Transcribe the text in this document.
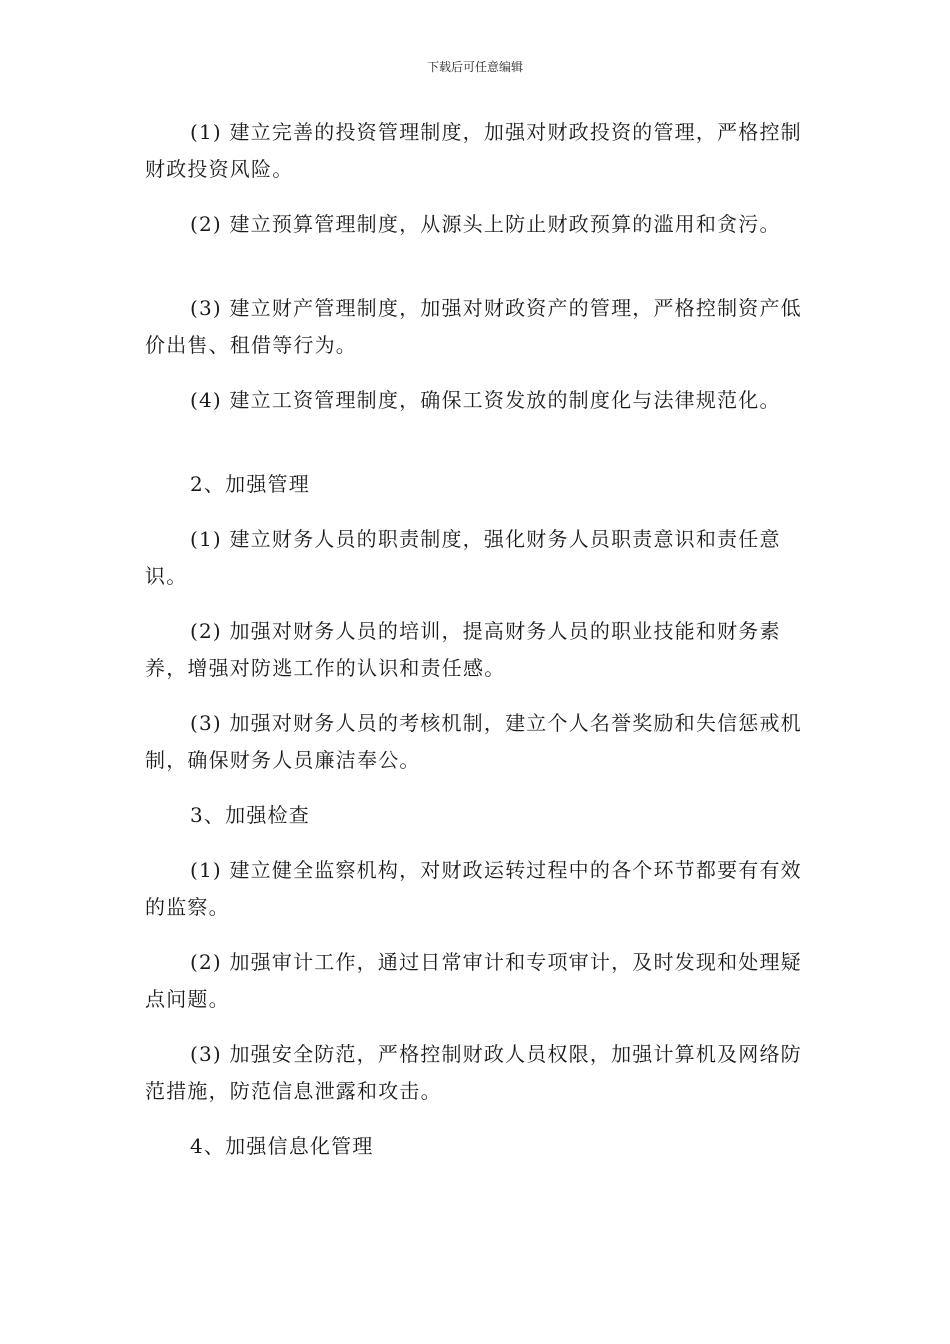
下载后可任意编辑

(1) 建立完善的投资管理制度，加强对财政投资的管理，严格控制财政投资风险。

(2) 建立预算管理制度，从源头上防止财政预算的滥用和贪污。

(3) 建立财产管理制度，加强对财政资产的管理，严格控制资产低价出售、租借等行为。

(4) 建立工资管理制度，确保工资发放的制度化与法律规范化。

2、加强管理

(1) 建立财务人员的职责制度，强化财务人员职责意识和责任意识。

(2) 加强对财务人员的培训，提高财务人员的职业技能和财务素养，增强对防逃工作的认识和责任感。

(3) 加强对财务人员的考核机制，建立个人名誉奖励和失信惩戒机制，确保财务人员廉洁奉公。

3、加强检查

(1) 建立健全监察机构，对财政运转过程中的各个环节都要有有效的监察。

(2) 加强审计工作，通过日常审计和专项审计，及时发现和处理疑点问题。

(3) 加强安全防范，严格控制财政人员权限，加强计算机及网络防范措施，防范信息泄露和攻击。

4、加强信息化管理
